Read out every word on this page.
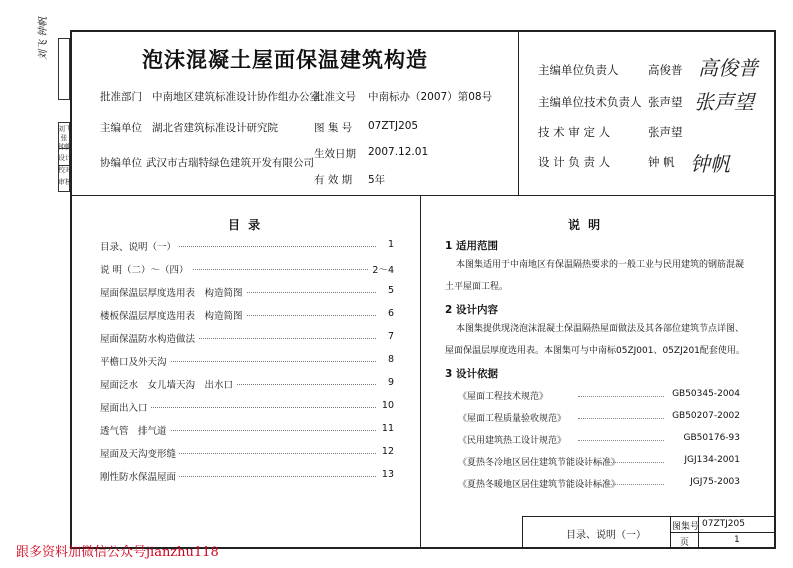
刘飞 钟帆
刘飞
张
钟帆
设计
校对
审核
泡沫混凝土屋面保温建筑构造
批准部门 中南地区建筑标准设计协作组办公室
批准文号 中南标办（2007）第08号
主编单位 湖北省建筑标准设计研究院	图 集 号 07ZTJ205
协编单位 武汉市古瑞特绿色建筑开发有限公司
生效日期 2007.12.01
有 效 期 5年
主编单位负责人	高俊普 高俊普
主编单位技术负责人 张声望 张声望
技 术 审 定 人	张声望
设 计 负 责 人	钟 帆 钟帆
目 录
目录、说明（一）	1
说 明（二）～（四）	2～4
屋面保温层厚度选用表　构造简图	5
楼板保温层厚度选用表　构造简图	6
屋面保温防水构造做法	7
平檐口及外天沟	8
屋面泛水　女儿墙天沟　出水口	9
屋面出入口	10
透气管　排气道	11
屋面及天沟变形缝	12
刚性防水保温屋面	13
说 明
1 适用范围
本图集适用于中南地区有保温隔热要求的一般工业与民用建筑的钢筋混凝
土平屋面工程。
2 设计内容
本图集提供现浇泡沫混凝土保温隔热屋面做法及其各部位建筑节点详图、
屋面保温层厚度选用表。本图集可与中南标05ZJ001、05ZJ201配套使用。
3 设计依据
《屋面工程技术规范》	GB50345-2004
《屋面工程质量验收规范》	GB50207-2002
《民用建筑热工设计规范》	GB50176-93
《夏热冬冷地区居住建筑节能设计标准》	JGJ134-2001
《夏热冬暖地区居住建筑节能设计标准》	JGJ75-2003
目录、说明（一）
图集号 07ZTJ205
页	1
跟多资料加微信公众号jianzhu118
